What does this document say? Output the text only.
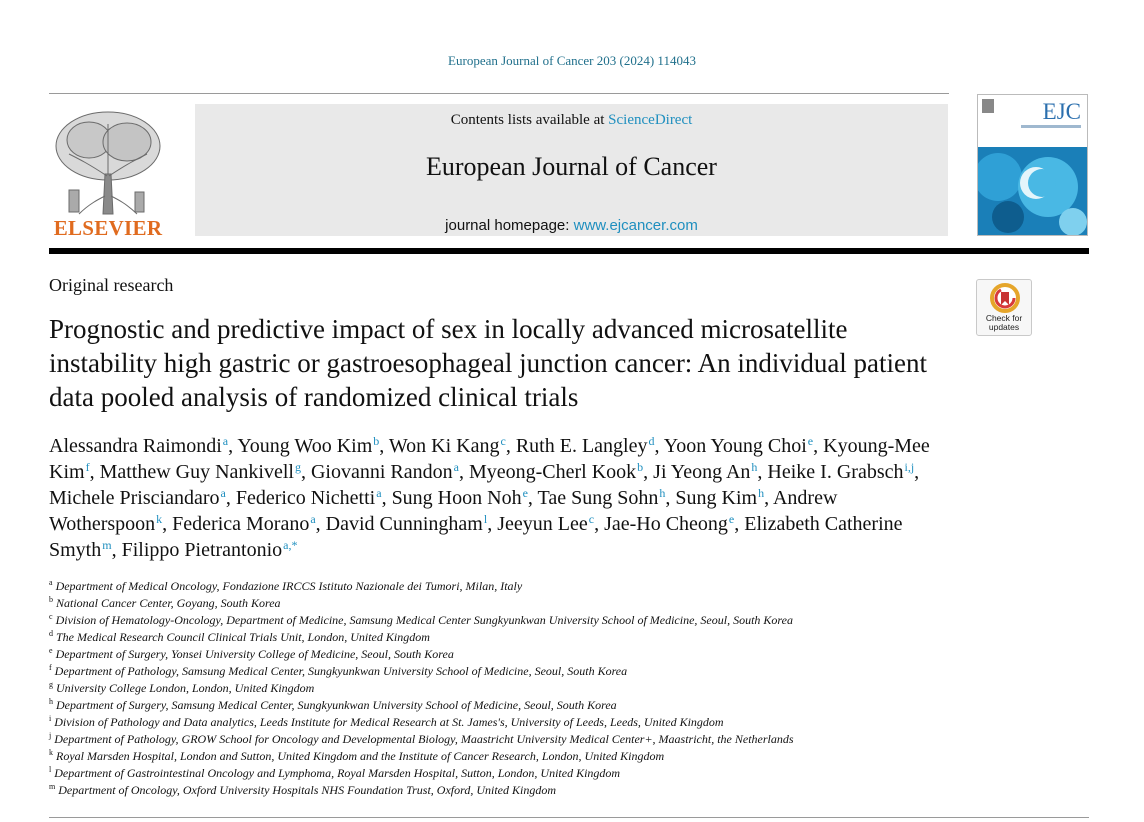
European Journal of Cancer 203 (2024) 114043
ELSEVIER
Contents lists available at ScienceDirect
European Journal of Cancer
journal homepage: www.ejcancer.com
EJC
Original research
Check for updates
Prognostic and predictive impact of sex in locally advanced microsatellite instability high gastric or gastroesophageal junction cancer: An individual patient data pooled analysis of randomized clinical trials
Alessandra Raimondi$^a$, Young Woo Kim$^b$, Won Ki Kang$^c$, Ruth E. Langley$^d$, Yoon Young Choi$^e$, Kyoung-Mee Kim$^f$, Matthew Guy Nankivell$^g$, Giovanni Randon$^a$, Myeong-Cherl Kook$^b$, Ji Yeong An$^h$, Heike I. Grabsch$^{i,j}$, Michele Prisciandaro$^a$, Federico Nichetti$^a$, Sung Hoon Noh$^e$, Tae Sung Sohn$^h$, Sung Kim$^h$, Andrew Wotherspoon$^k$, Federica Morano$^a$, David Cunningham$^l$, Jeeyun Lee$^c$, Jae-Ho Cheong$^e$, Elizabeth Catherine Smyth$^m$, Filippo Pietrantonio$^{a,*}$
$^a$ Department of Medical Oncology, Fondazione IRCCS Istituto Nazionale dei Tumori, Milan, Italy
$^b$ National Cancer Center, Goyang, South Korea
$^c$ Division of Hematology-Oncology, Department of Medicine, Samsung Medical Center Sungkyunkwan University School of Medicine, Seoul, South Korea
$^d$ The Medical Research Council Clinical Trials Unit, London, United Kingdom
$^e$ Department of Surgery, Yonsei University College of Medicine, Seoul, South Korea
$^f$ Department of Pathology, Samsung Medical Center, Sungkyunkwan University School of Medicine, Seoul, South Korea
$^g$ University College London, London, United Kingdom
$^h$ Department of Surgery, Samsung Medical Center, Sungkyunkwan University School of Medicine, Seoul, South Korea
$^i$ Division of Pathology and Data analytics, Leeds Institute for Medical Research at St. James's, University of Leeds, Leeds, United Kingdom
$^j$ Department of Pathology, GROW School for Oncology and Developmental Biology, Maastricht University Medical Center+, Maastricht, the Netherlands
$^k$ Royal Marsden Hospital, London and Sutton, United Kingdom and the Institute of Cancer Research, London, United Kingdom
$^l$ Department of Gastrointestinal Oncology and Lymphoma, Royal Marsden Hospital, Sutton, London, United Kingdom
$^m$ Department of Oncology, Oxford University Hospitals NHS Foundation Trust, Oxford, United Kingdom
